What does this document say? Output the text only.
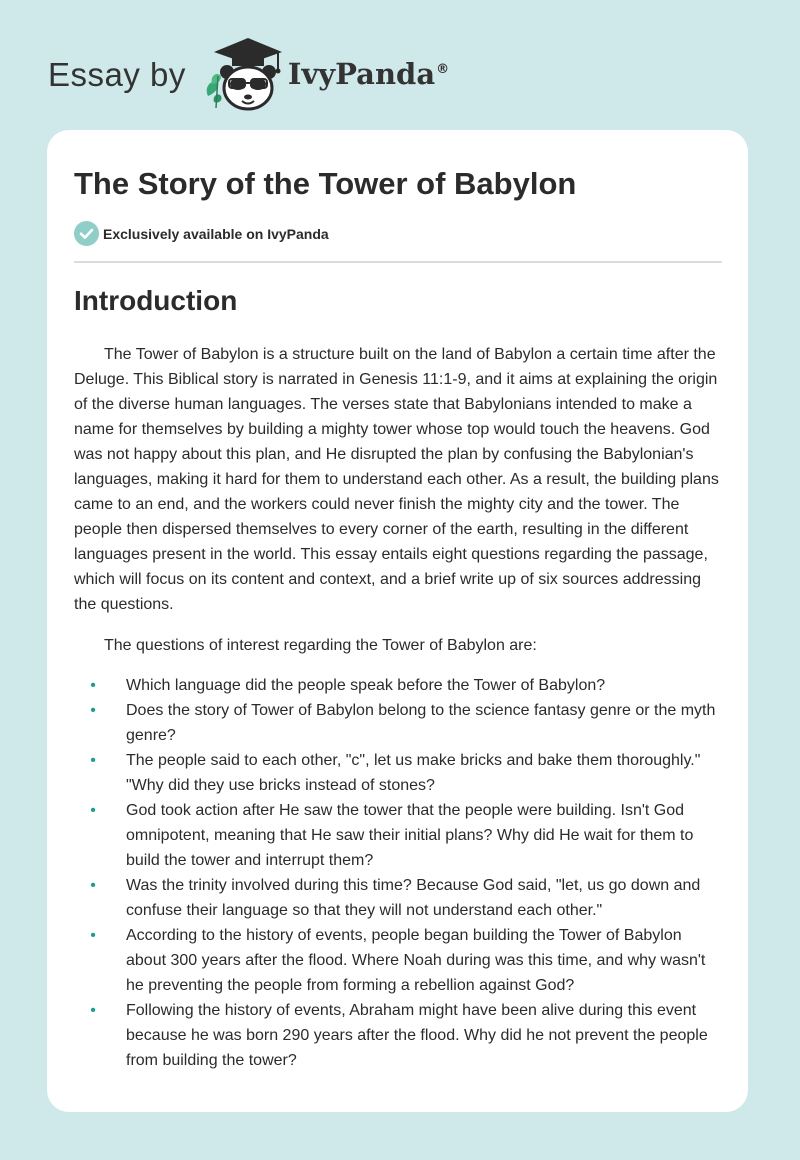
Essay by	IvyPanda®
The Story of the Tower of Babylon
Exclusively available on IvyPanda
Introduction

The Tower of Babylon is a structure built on the land of Babylon a certain time after the Deluge. This Biblical story is narrated in Genesis 11:1-9, and it aims at explaining the origin of the diverse human languages. The verses state that Babylonians intended to make a name for themselves by building a mighty tower whose top would touch the heavens. God was not happy about this plan, and He disrupted the plan by confusing the Babylonian's languages, making it hard for them to understand each other. As a result, the building plans came to an end, and the workers could never finish the mighty city and the tower. The people then dispersed themselves to every corner of the earth, resulting in the different languages present in the world. This essay entails eight questions regarding the passage, which will focus on its content and context, and a brief write up of six sources addressing the questions.

The questions of interest regarding the Tower of Babylon are:

• Which language did the people speak before the Tower of Babylon?
• Does the story of Tower of Babylon belong to the science fantasy genre or the myth genre?
• The people said to each other, "c", let us make bricks and bake them thoroughly." "Why did they use bricks instead of stones?
• God took action after He saw the tower that the people were building. Isn't God omnipotent, meaning that He saw their initial plans? Why did He wait for them to build the tower and interrupt them?
• Was the trinity involved during this time? Because God said, "let, us go down and confuse their language so that they will not understand each other."
• According to the history of events, people began building the Tower of Babylon about 300 years after the flood. Where Noah during was this time, and why wasn't he preventing the people from forming a rebellion against God?
• Following the history of events, Abraham might have been alive during this event because he was born 290 years after the flood. Why did he not prevent the people from building the tower?
